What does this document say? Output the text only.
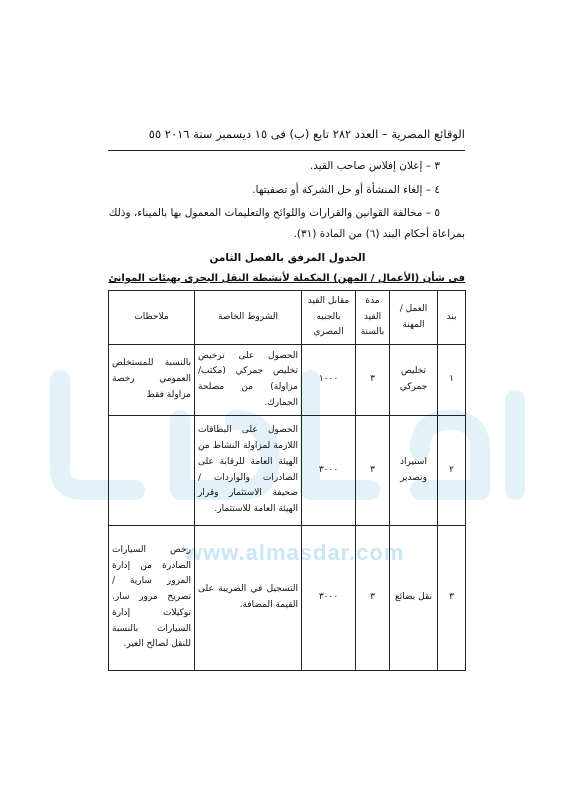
www.almasdar.com
الوقائع المصرية – العدد ٢٨٢ تابع (ب) فى ١٥ ديسمبر سنة ٢٠١٦ ٥٥
٣ – إعلان إفلاس صاحب القيد.
٤ – إلغاء المنشأة أو حل الشركة أو تصفيتها.
٥ – مخالفة القوانين والقرارات واللوائح والتعليمات المعمول بها بالميناء، وذلك
بمراعاة أحكام البند (٦) من المادة (٣١).
الجدول المرفق بالفصل الثامن
فى شأن (الأعمال / المهن) المكملة لأنشطة النقل البحرى بهيئات الموانئ
بند	العمل / المهنة	مدة القيد بالسنة	مقابل القيد بالجنيه المصري	الشروط الخاصة	ملاحظات
١	تخليص جمركي	٣	١٠٠٠	الحصول على ترخيص تخليص جمركي (مكتب/ مزاولة) من مصلحة الجمارك.	بالنسبة للمستخلص العمومي رخصة مزاولة فقط
٢	استيراد وتصدير	٣	٣٠٠٠	الحصول على البطاقات اللازمة لمزاولة النشاط من الهيئة العامة للرقابة على الصادرات والواردات / صحيفة الاستثمار وقرار الهيئة العامة للاستثمار.	
٣	نقل بضائع	٣	٣٠٠٠	التسجيل في الضريبة على القيمة المضافة.	رخص السيارات الصادرة من إدارة المرور سارية / تصريح مرور سار. توكيلات إدارة السيارات بالنسبة للنقل لصالح الغير.
